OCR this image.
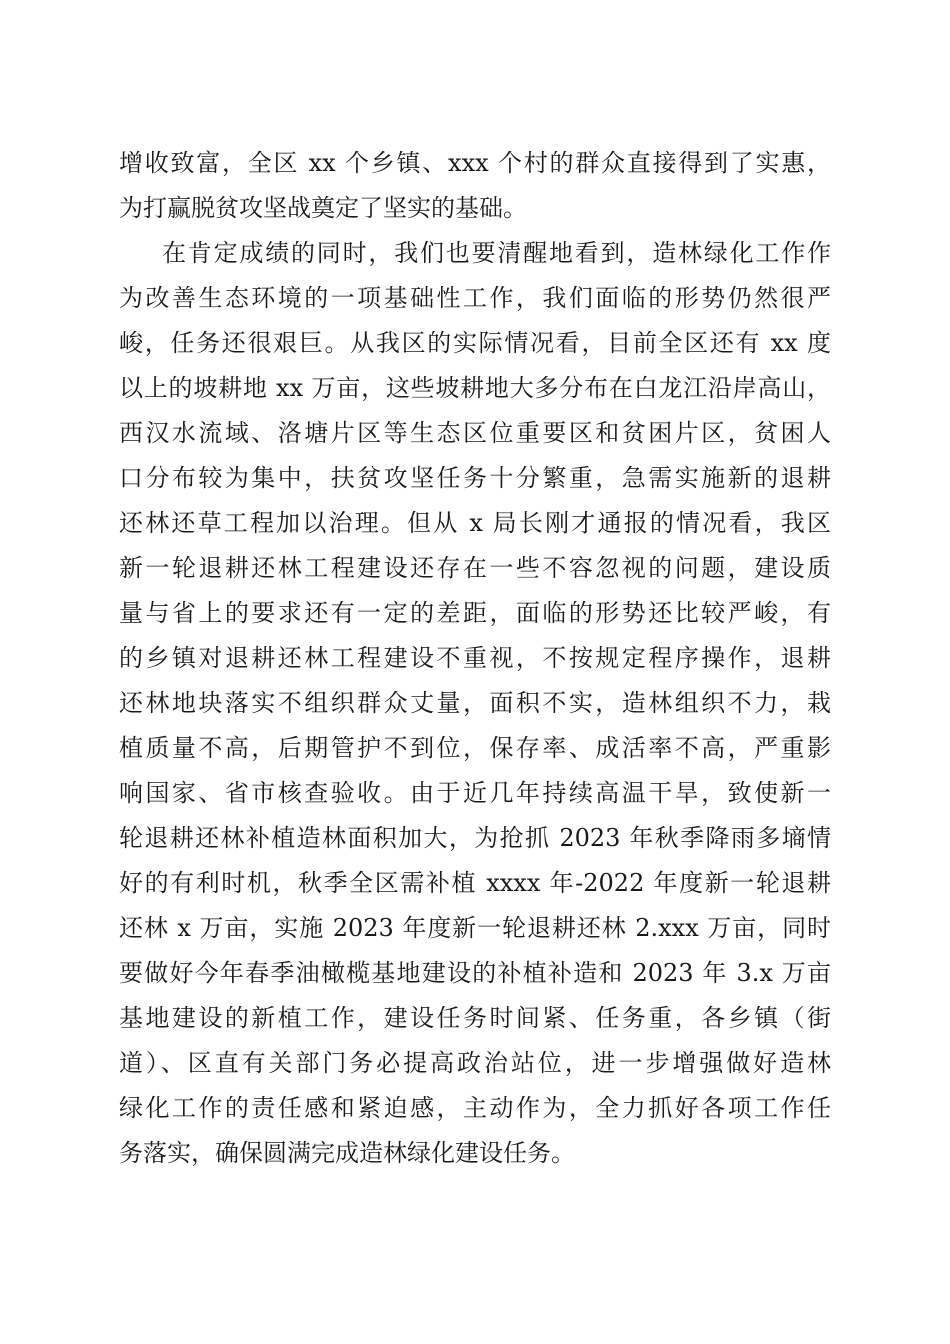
增收致富，全区 xx 个乡镇、xxx 个村的群众直接得到了实惠，
为打赢脱贫攻坚战奠定了坚实的基础。
在肯定成绩的同时，我们也要清醒地看到，造林绿化工作作
为改善生态环境的一项基础性工作，我们面临的形势仍然很严
峻，任务还很艰巨。从我区的实际情况看，目前全区还有 xx 度
以上的坡耕地 xx 万亩，这些坡耕地大多分布在白龙江沿岸高山，
西汉水流域、洛塘片区等生态区位重要区和贫困片区，贫困人
口分布较为集中，扶贫攻坚任务十分繁重，急需实施新的退耕
还林还草工程加以治理。但从 x 局长刚才通报的情况看，我区
新一轮退耕还林工程建设还存在一些不容忽视的问题，建设质
量与省上的要求还有一定的差距，面临的形势还比较严峻，有
的乡镇对退耕还林工程建设不重视，不按规定程序操作，退耕
还林地块落实不组织群众丈量，面积不实，造林组织不力，栽
植质量不高，后期管护不到位，保存率、成活率不高，严重影
响国家、省市核查验收。由于近几年持续高温干旱，致使新一
轮退耕还林补植造林面积加大，为抢抓 2023 年秋季降雨多墒情
好的有利时机，秋季全区需补植 xxxx 年-2022 年度新一轮退耕
还林 x 万亩，实施 2023 年度新一轮退耕还林 2.xxx 万亩，同时
要做好今年春季油橄榄基地建设的补植补造和 2023 年 3.x 万亩
基地建设的新植工作，建设任务时间紧、任务重，各乡镇（街
道）、区直有关部门务必提高政治站位，进一步增强做好造林
绿化工作的责任感和紧迫感，主动作为，全力抓好各项工作任
务落实，确保圆满完成造林绿化建设任务。
